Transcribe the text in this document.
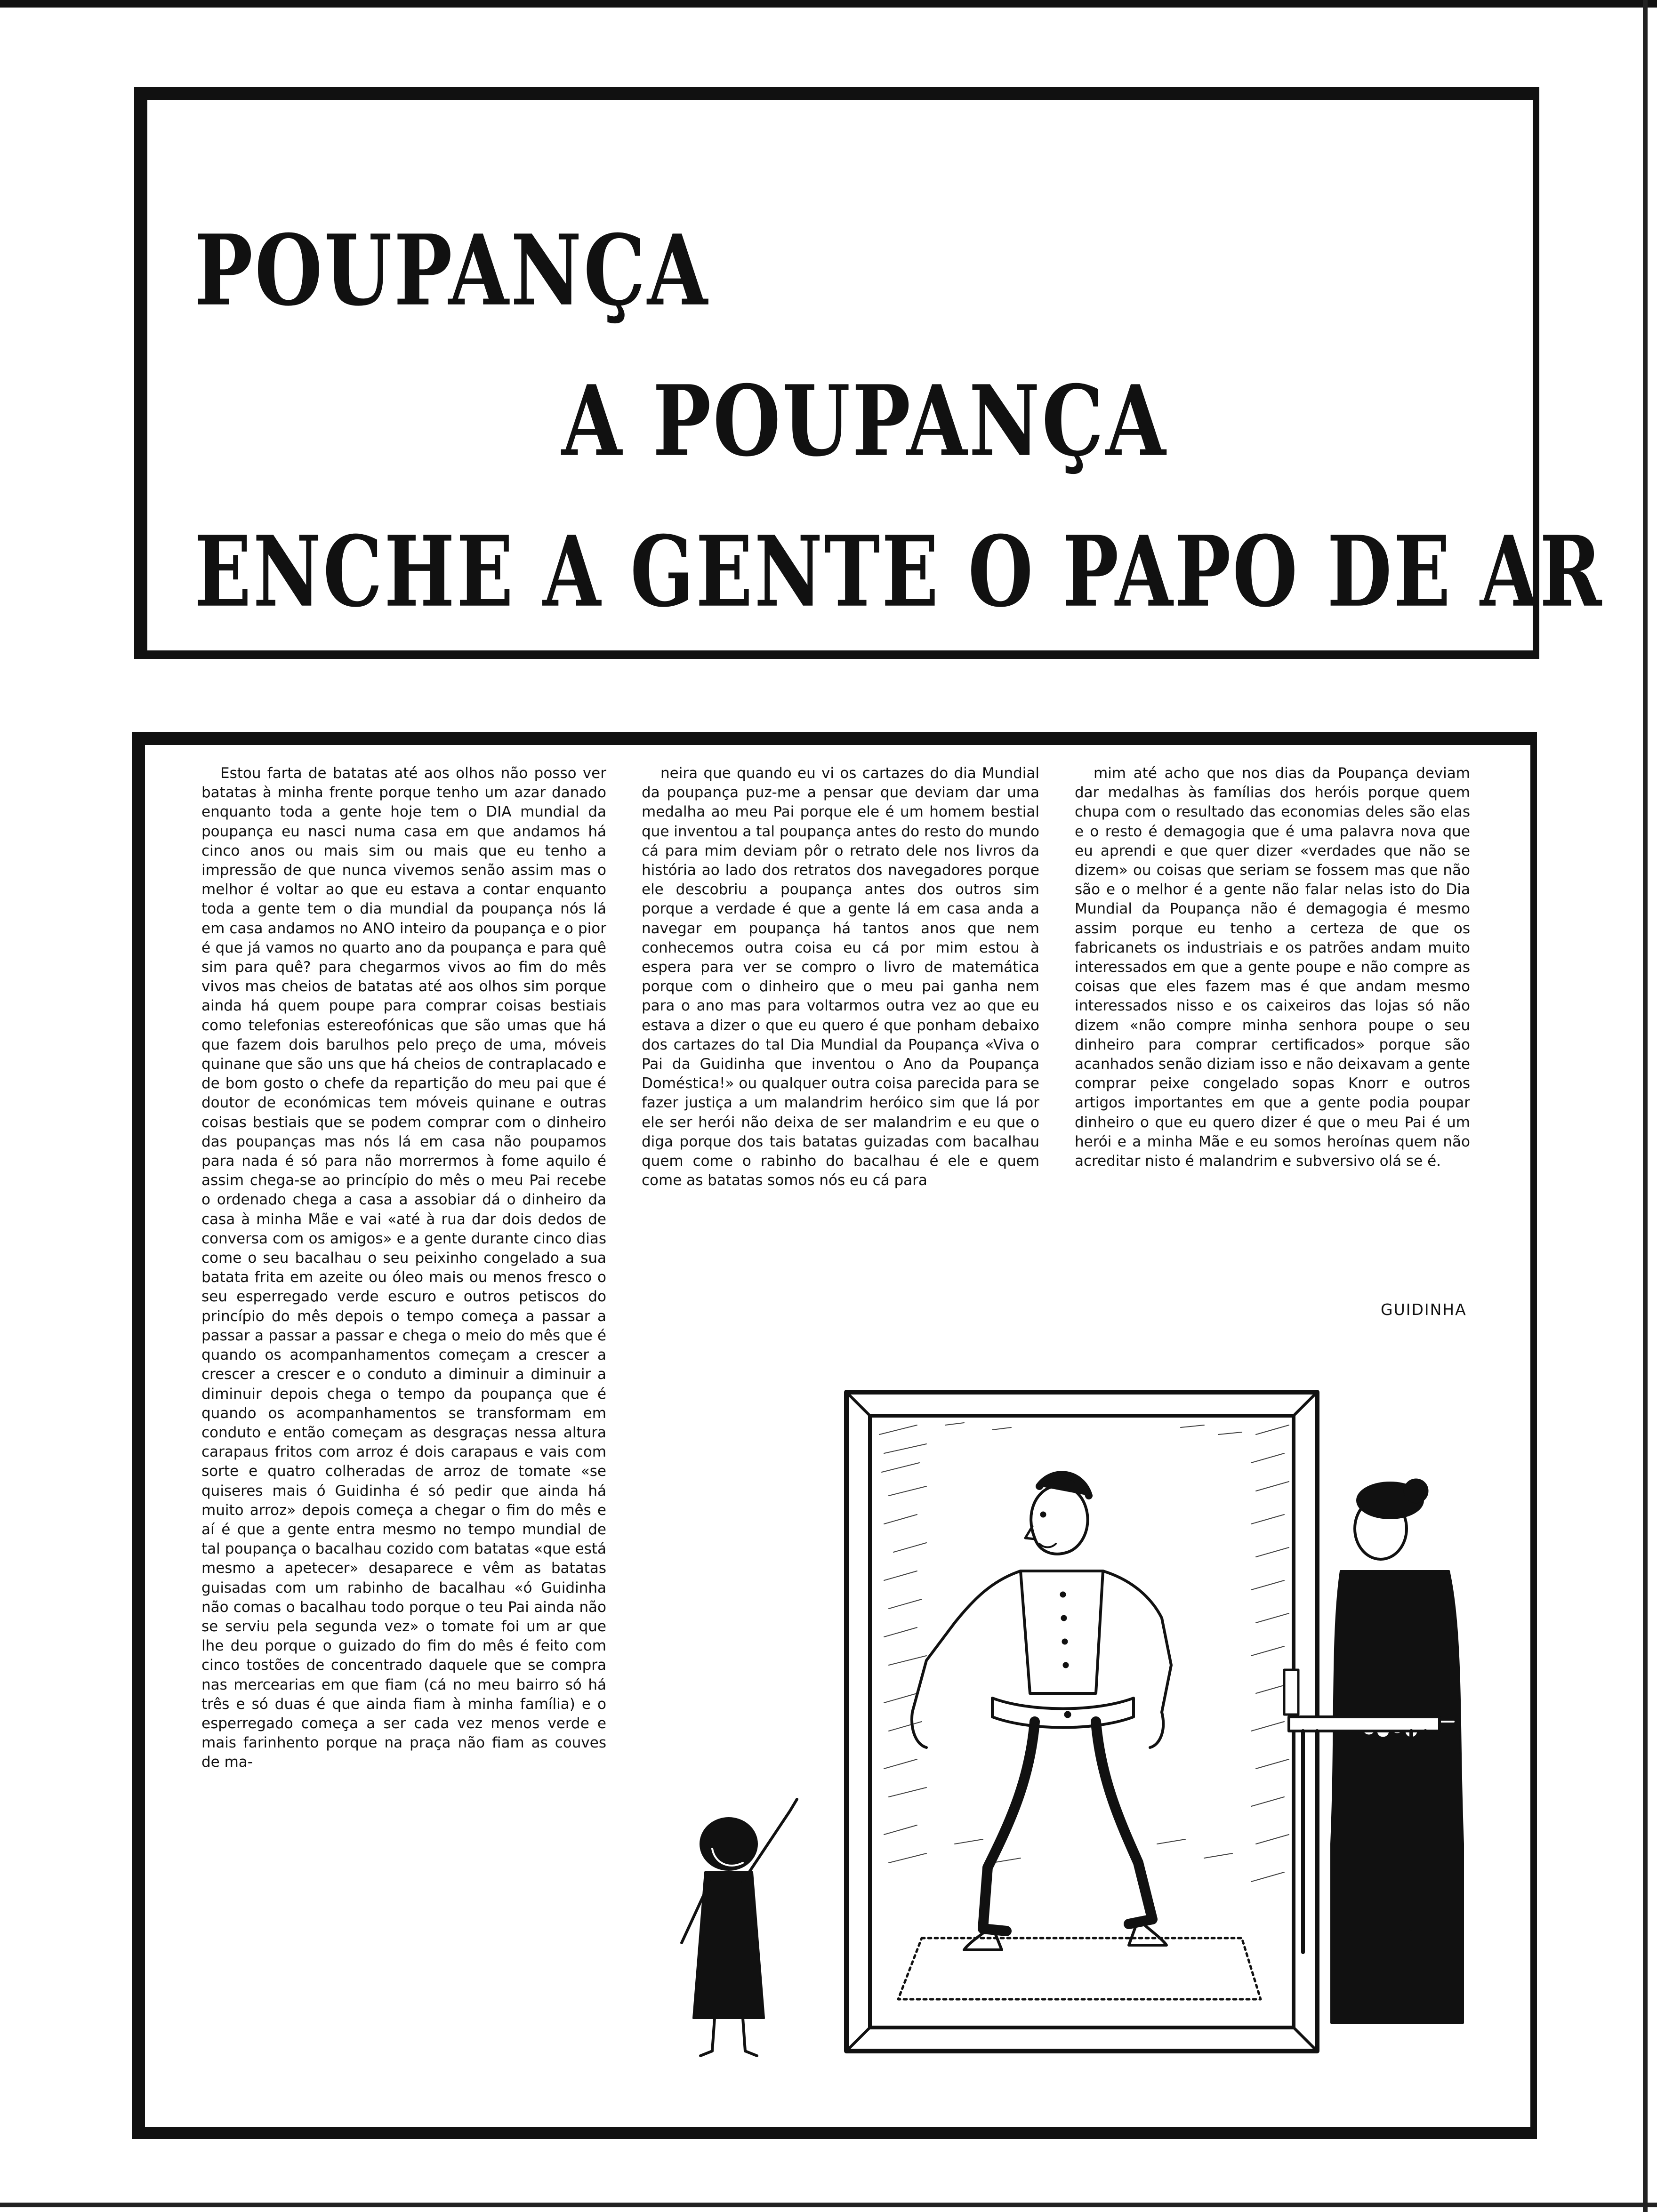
POUPANÇA
A POUPANÇA
ENCHE A GENTE O PAPO DE AR

Estou farta de batatas até aos olhos não posso ver batatas à minha frente porque tenho um azar danado enquanto toda a gente hoje tem o DIA mundial da poupança eu nasci numa casa em que andamos há cinco anos ou mais sim ou mais que eu tenho a impressão de que nunca vivemos senão assim mas o melhor é voltar ao que eu estava a contar enquanto toda a gente tem o dia mundial da poupança nós lá em casa andamos no ANO inteiro da poupança e o pior é que já vamos no quarto ano da poupança e para quê sim para quê? para chegarmos vivos ao fim do mês vivos mas cheios de batatas até aos olhos sim porque ainda há quem poupe para comprar coisas bestiais como telefonias estereofónicas que são umas que há que fazem dois barulhos pelo preço de uma, móveis quinane que são uns que há cheios de contraplacado e de bom gosto o chefe da repartição do meu pai que é doutor de económicas tem móveis quinane e outras coisas bestiais que se podem comprar com o dinheiro das poupanças mas nós lá em casa não poupamos para nada é só para não morrermos à fome aquilo é assim chega-se ao princípio do mês o meu Pai recebe o ordenado chega a casa a assobiar dá o dinheiro da casa à minha Mãe e vai «até à rua dar dois dedos de conversa com os amigos» e a gente durante cinco dias come o seu bacalhau o seu peixinho congelado a sua batata frita em azeite ou óleo mais ou menos fresco o seu esperregado verde escuro e outros petiscos do princípio do mês depois o tempo começa a passar a passar a passar a passar e chega o meio do mês que é quando os acompanhamentos começam a crescer a crescer a crescer e o conduto a diminuir a diminuir a diminuir depois chega o tempo da poupança que é quando os acompanhamentos se transformam em conduto e então começam as desgraças nessa altura carapaus fritos com arroz é dois carapaus e vais com sorte e quatro colheradas de arroz de tomate «se quiseres mais ó Guidinha é só pedir que ainda há muito arroz» depois começa a chegar o fim do mês e aí é que a gente entra mesmo no tempo mundial de tal poupança o bacalhau cozido com batatas «que está mesmo a apetecer» desaparece e vêm as batatas guisadas com um rabinho de bacalhau «ó Guidinha não comas o bacalhau todo porque o teu Pai ainda não se serviu pela segunda vez» o tomate foi um ar que lhe deu porque o guizado do fim do mês é feito com cinco tostões de concentrado daquele que se compra nas mercearias em que fiam (cá no meu bairro só há três e só duas é que ainda fiam à minha família) e o esperregado começa a ser cada vez menos verde e mais farinhento porque na praça não fiam as couves de ma-

neira que quando eu vi os cartazes do dia Mundial da poupança puz-me a pensar que deviam dar uma medalha ao meu Pai porque ele é um homem bestial que inventou a tal poupança antes do resto do mundo cá para mim deviam pôr o retrato dele nos livros da história ao lado dos retratos dos navegadores porque ele descobriu a poupança antes dos outros sim porque a verdade é que a gente lá em casa anda a navegar em poupança há tantos anos que nem conhecemos outra coisa eu cá por mim estou à espera para ver se compro o livro de matemática porque com o dinheiro que o meu pai ganha nem para o ano mas para voltarmos outra vez ao que eu estava a dizer o que eu quero é que ponham debaixo dos cartazes do tal Dia Mundial da Poupança «Viva o Pai da Guidinha que inventou o Ano da Poupança Doméstica!» ou qualquer outra coisa parecida para se fazer justiça a um malandrim heróico sim que lá por ele ser herói não deixa de ser malandrim e eu que o diga porque dos tais batatas guizadas com bacalhau quem come o rabinho do bacalhau é ele e quem come as batatas somos nós eu cá para

mim até acho que nos dias da Poupança deviam dar medalhas às famílias dos heróis porque quem chupa com o resultado das economias deles são elas e o resto é demagogia que é uma palavra nova que eu aprendi e que quer dizer «verdades que não se dizem» ou coisas que seriam se fossem mas que não são e o melhor é a gente não falar nelas isto do Dia Mundial da Poupança não é demagogia é mesmo assim porque eu tenho a certeza de que os fabricanets os industriais e os patrões andam muito interessados em que a gente poupe e não compre as coisas que eles fazem mas é que andam mesmo interessados nisso e os caixeiros das lojas só não dizem «não compre minha senhora poupe o seu dinheiro para comprar certificados» porque são acanhados senão diziam isso e não deixavam a gente comprar peixe congelado sopas Knorr e outros artigos importantes em que a gente podia poupar dinheiro o que eu quero dizer é que o meu Pai é um herói e a minha Mãe e eu somos heroínas quem não acreditar nisto é malandrim e subversivo olá se é.

GUIDINHA
